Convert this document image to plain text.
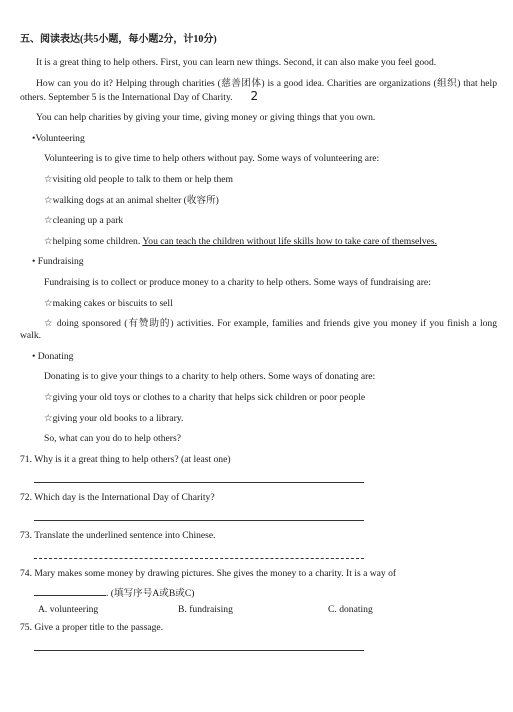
五、阅读表达(共5小题，每小题2分，计10分)

It is a great thing to help others. First, you can learn new things. Second, it can also make you feel good.

How can you do it? Helping through charities (慈善团体) is a good idea. Charities are organizations (组织) that help others. September 5 is the International Day of Charity. 2

You can help charities by giving your time, giving money or giving things that you own.

•Volunteering
Volunteering is to give time to help others without pay. Some ways of volunteering are:
☆visiting old people to talk to them or help them
☆walking dogs at an animal shelter (收容所)
☆cleaning up a park
☆helping some children. You can teach the children without life skills how to take care of themselves.
• Fundraising
Fundraising is to collect or produce money to a charity to help others. Some ways of fundraising are:
☆making cakes or biscuits to sell

☆ doing sponsored (有赞助的) activities. For example, families and friends give you money if you finish a long walk.

• Donating
Donating is to give your things to a charity to help others. Some ways of donating are:
☆giving your old toys or clothes to a charity that helps sick children or poor people
☆giving your old books to a library.
So, what can you do to help others?
71. Why is it a great thing to help others? (at least one)
72. Which day is the International Day of Charity?
73. Translate the underlined sentence into Chinese.
74. Mary makes some money by drawing pictures. She gives the money to a charity. It is a way of
. (填写序号A或B或C)
A. volunteering	B. fundraising	C. donating
75. Give a proper title to the passage.
